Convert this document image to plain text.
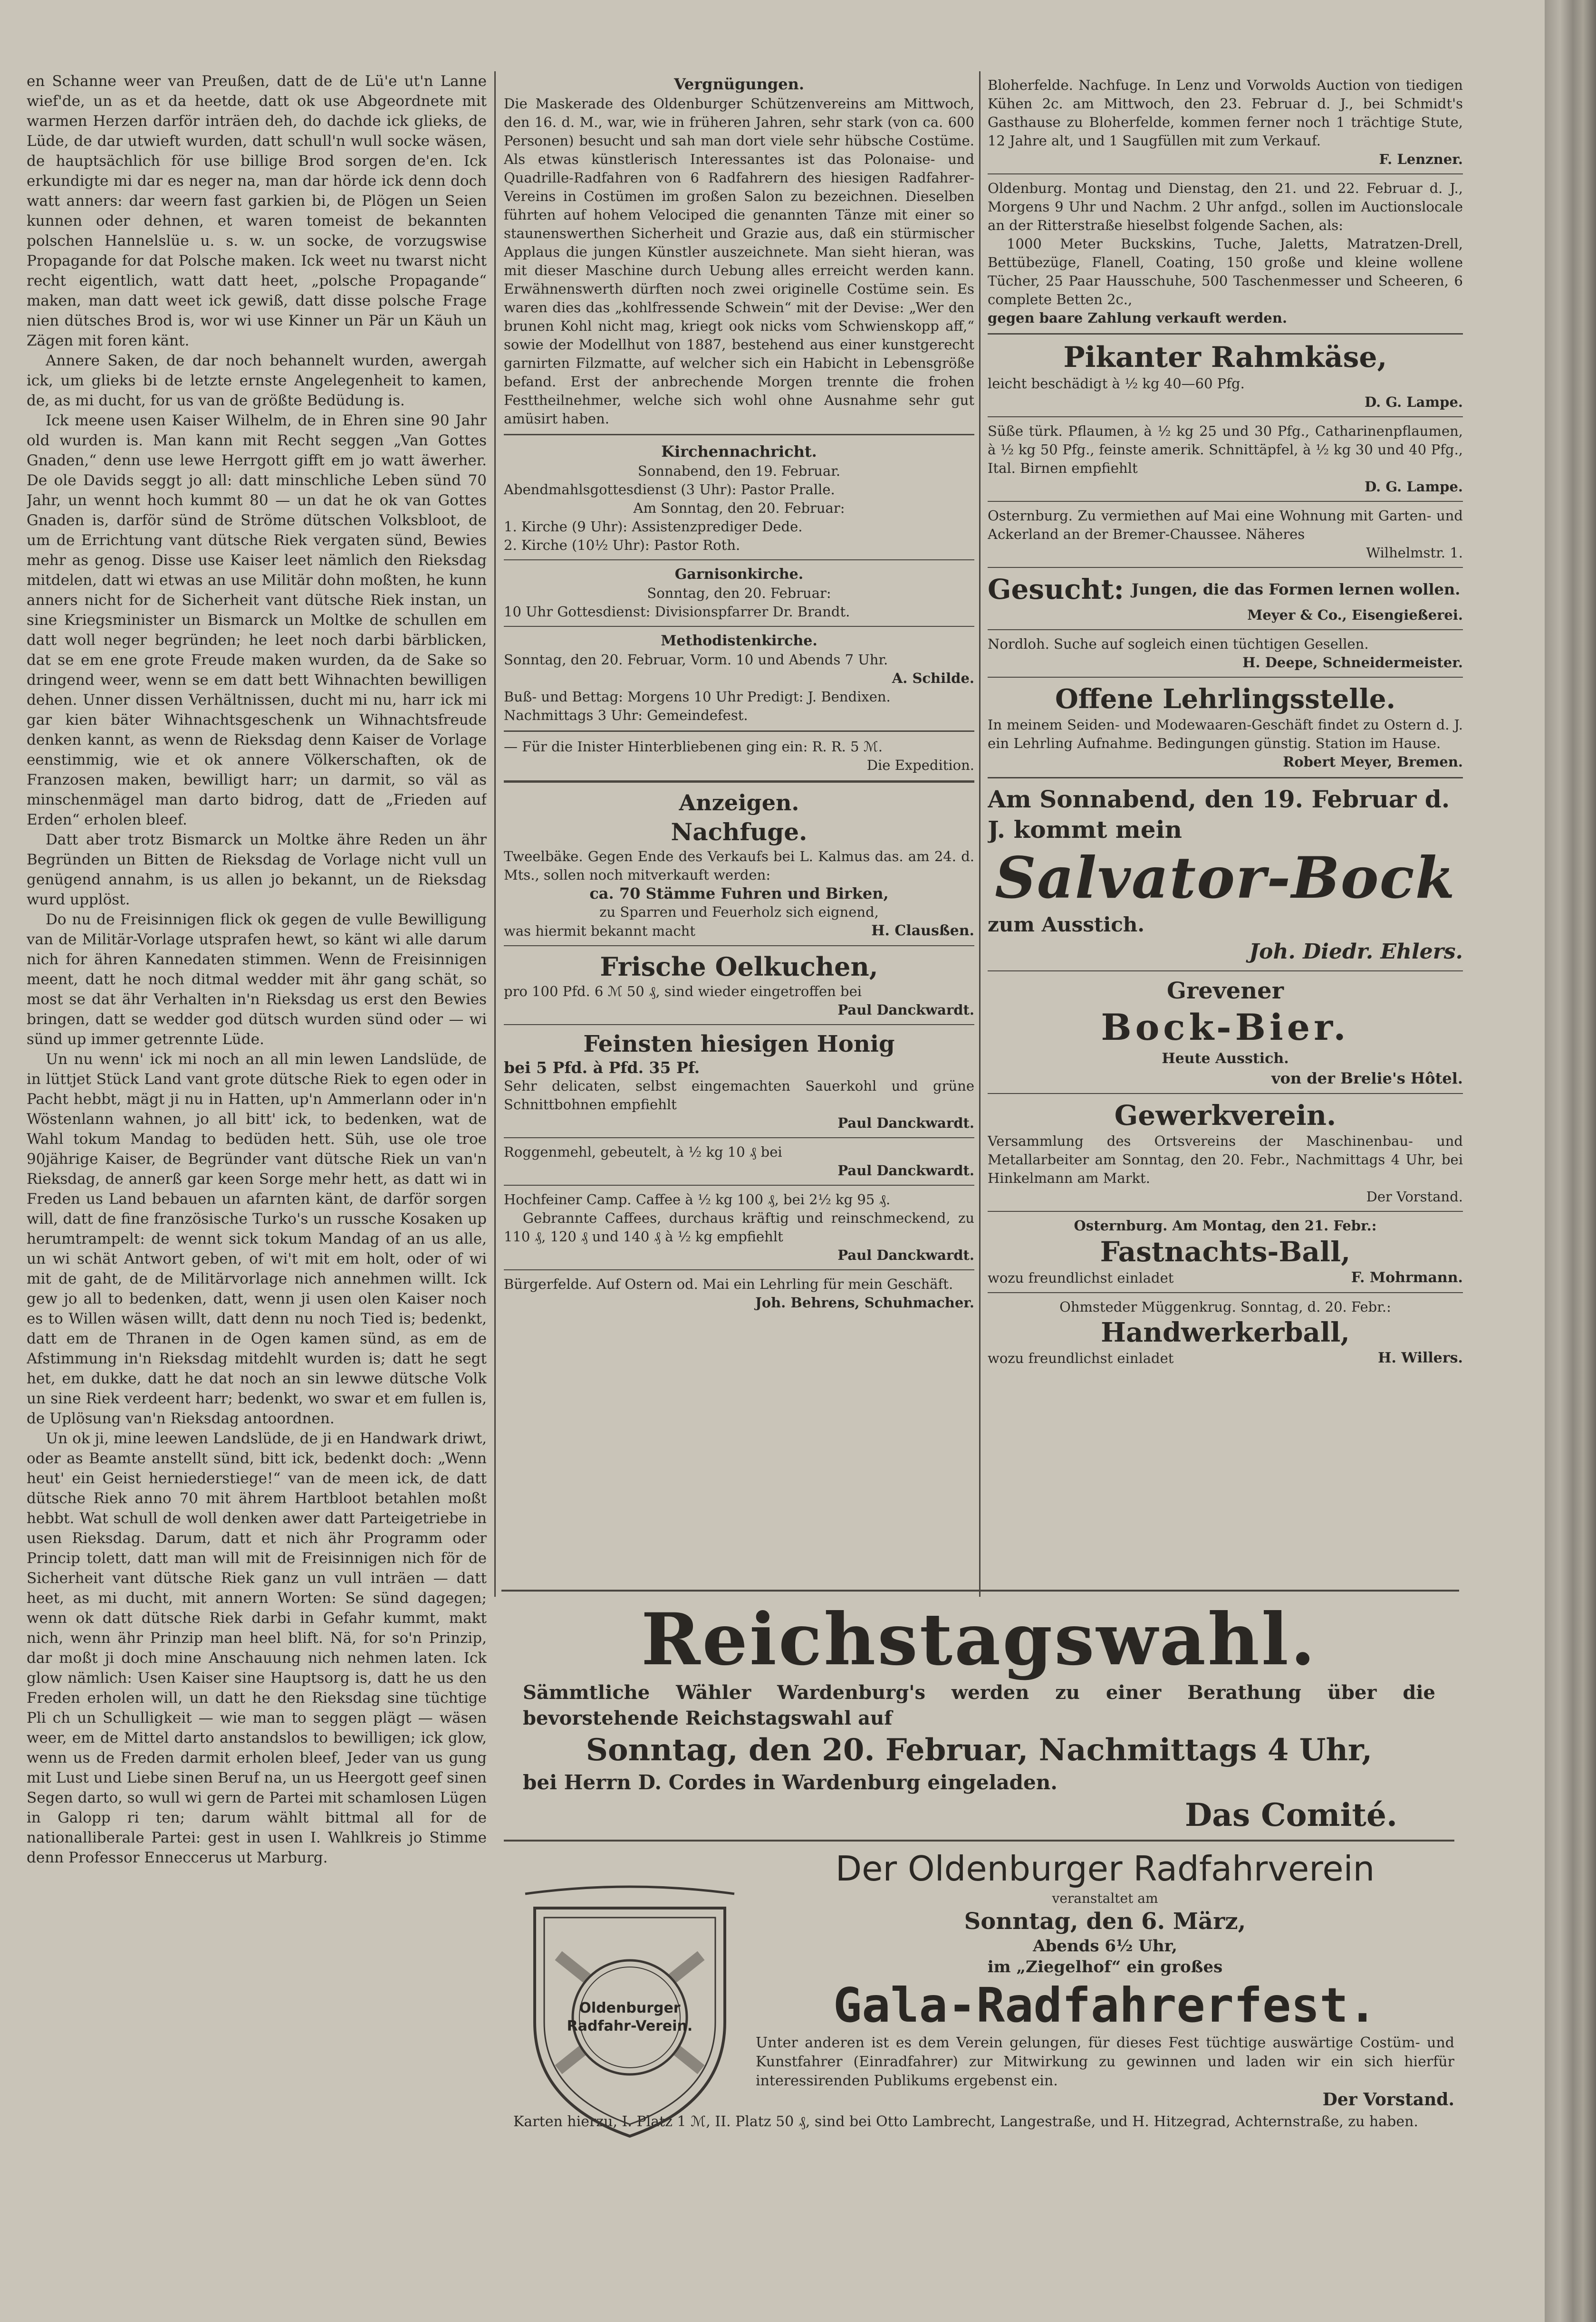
en Schanne weer van Preußen, datt de de Lü'e ut'n Lanne wief'de, un as et da heetde, datt ok use Abgeordnete mit warmen Herzen darför inträen deh, do dachde ick glieks, de Lüde, de dar utwieft wurden, datt schull'n wull socke wäsen, de hauptsächlich för use billige Brod sorgen de'en. Ick erkundigte mi dar es neger na, man dar hörde ick denn doch watt anners: dar weern fast garkien bi, de Plögen un Seien kunnen oder dehnen, et waren tomeist de bekannten polschen Hannelslüe u. s. w. un socke, de vorzugswise Propagande for dat Polsche maken. Ick weet nu twarst nicht recht eigentlich, watt datt heet, „polsche Propagande“ maken, man datt weet ick gewiß, datt disse polsche Frage nien dütsches Brod is, wor wi use Kinner un Pär un Käuh un Zägen mit foren känt.

Annere Saken, de dar noch behannelt wurden, awergah ick, um glieks bi de letzte ernste Angelegenheit to kamen, de, as mi ducht, for us van de größte Bedüdung is.

Ick meene usen Kaiser Wilhelm, de in Ehren sine 90 Jahr old wurden is. Man kann mit Recht seggen „Van Gottes Gnaden,“ denn use lewe Herrgott gifft em jo watt äwerher. De ole Davids seggt jo all: datt minschliche Leben sünd 70 Jahr, un wennt hoch kummt 80 — un dat he ok van Gottes Gnaden is, darför sünd de Ströme dütschen Volksbloot, de um de Errichtung vant dütsche Riek vergaten sünd, Bewies mehr as genog. Disse use Kaiser leet nämlich den Rieksdag mitdelen, datt wi etwas an use Militär dohn moßten, he kunn anners nicht for de Sicherheit vant dütsche Riek instan, un sine Kriegsminister un Bismarck un Moltke de schullen em datt woll neger begründen; he leet noch darbi bärblicken, dat se em ene grote Freude maken wurden, da de Sake so dringend weer, wenn se em datt bett Wihnachten bewilligen dehen. Unner dissen Verhältnissen, ducht mi nu, harr ick mi gar kien bäter Wihnachtsgeschenk un Wihnachtsfreude denken kannt, as wenn de Rieksdag denn Kaiser de Vorlage eenstimmig, wie et ok annere Völkerschaften, ok de Franzosen maken, bewilligt harr; un darmit, so väl as minschenmägel man darto bidrog, datt de „Frieden auf Erden“ erholen bleef.

Datt aber trotz Bismarck un Moltke ähre Reden un ähr Begründen un Bitten de Rieksdag de Vorlage nicht vull un genügend annahm, is us allen jo bekannt, un de Rieksdag wurd upplöst.

Do nu de Freisinnigen flick ok gegen de vulle Bewilligung van de Militär-Vorlage utsprafen hewt, so känt wi alle darum nich for ähren Kannedaten stimmen. Wenn de Freisinnigen meent, datt he noch ditmal wedder mit ähr gang schät, so most se dat ähr Verhalten in'n Rieksdag us erst den Bewies bringen, datt se wedder god dütsch wurden sünd oder — wi sünd up immer getrennte Lüde.

Un nu wenn' ick mi noch an all min lewen Landslüde, de in lüttjet Stück Land vant grote dütsche Riek to egen oder in Pacht hebbt, mägt ji nu in Hatten, up'n Ammerlann oder in'n Wöstenlann wahnen, jo all bitt' ick, to bedenken, wat de Wahl tokum Mandag to bedüden hett. Süh, use ole troe 90jährige Kaiser, de Begründer vant dütsche Riek un van'n Rieksdag, de annerß gar keen Sorge mehr hett, as datt wi in Freden us Land bebauen un afarnten känt, de darför sorgen will, datt de fine französische Turko's un russche Kosaken up herumtrampelt: de wennt sick tokum Mandag of an us alle, un wi schät Antwort geben, of wi't mit em holt, oder of wi mit de gaht, de de Militärvorlage nich annehmen willt. Ick gew jo all to bedenken, datt, wenn ji usen olen Kaiser noch es to Willen wäsen willt, datt denn nu noch Tied is; bedenkt, datt em de Thranen in de Ogen kamen sünd, as em de Afstimmung in'n Rieksdag mitdehlt wurden is; datt he segt het, em dukke, datt he dat noch an sin lewwe dütsche Volk un sine Riek verdeent harr; bedenkt, wo swar et em fullen is, de Uplösung van'n Rieksdag antoordnen.

Un ok ji, mine leewen Landslüde, de ji en Handwark driwt, oder as Beamte anstellt sünd, bitt ick, bedenkt doch: „Wenn heut' ein Geist herniederstiege!“ van de meen ick, de datt dütsche Riek anno 70 mit ährem Hartbloot betahlen moßt hebbt. Wat schull de woll denken awer datt Parteigetriebe in usen Rieksdag. Darum, datt et nich ähr Programm oder Princip tolett, datt man will mit de Freisinnigen nich för de Sicherheit vant dütsche Riek ganz un vull inträen — datt heet, as mi ducht, mit annern Worten: Se sünd dagegen; wenn ok datt dütsche Riek darbi in Gefahr kummt, makt nich, wenn ähr Prinzip man heel blift. Nä, for so'n Prinzip, dar moßt ji doch mine Anschauung nich nehmen laten. Ick glow nämlich: Usen Kaiser sine Hauptsorg is, datt he us den Freden erholen will, un datt he den Rieksdag sine tüchtige Pli ch un Schulligkeit — wie man to seggen plägt — wäsen weer, em de Mittel darto anstandslos to bewilligen; ick glow, wenn us de Freden darmit erholen bleef, Jeder van us gung mit Lust und Liebe sinen Beruf na, un us Heergott geef sinen Segen darto, so wull wi gern de Partei mit schamlosen Lügen in Galopp ri ten; darum wählt bittmal all for de nationalliberale Partei: gest in usen I. Wahlkreis jo Stimme denn Professor Enneccerus ut Marburg.

Vergnügungen.

Die Maskerade des Oldenburger Schützenvereins am Mittwoch, den 16. d. M., war, wie in früheren Jahren, sehr stark (von ca. 600 Personen) besucht und sah man dort viele sehr hübsche Costüme. Als etwas künstlerisch Interessantes ist das Polonaise- und Quadrille-Radfahren von 6 Radfahrern des hiesigen Radfahrer-Vereins in Costümen im großen Salon zu bezeichnen. Dieselben führten auf hohem Velociped die genannten Tänze mit einer so staunenswerthen Sicherheit und Grazie aus, daß ein stürmischer Applaus die jungen Künstler auszeichnete. Man sieht hieran, was mit dieser Maschine durch Uebung alles erreicht werden kann. Erwähnenswerth dürften noch zwei originelle Costüme sein. Es waren dies das „kohlfressende Schwein“ mit der Devise: „Wer den brunen Kohl nicht mag, kriegt ook nicks vom Schwienskopp aff,“ sowie der Modellhut von 1887, bestehend aus einer kunstgerecht garnirten Filzmatte, auf welcher sich ein Habicht in Lebensgröße befand. Erst der anbrechende Morgen trennte die frohen Festtheilnehmer, welche sich wohl ohne Ausnahme sehr gut amüsirt haben.

Kirchennachricht.

Sonnabend, den 19. Februar.

Abendmahlsgottesdienst (3 Uhr): Pastor Pralle.

Am Sonntag, den 20. Februar:

1. Kirche (9 Uhr): Assistenzprediger Dede.

2. Kirche (10½ Uhr): Pastor Roth.

Garnisonkirche.

Sonntag, den 20. Februar:

10 Uhr Gottesdienst: Divisionspfarrer Dr. Brandt.

Methodistenkirche.

Sonntag, den 20. Februar, Vorm. 10 und Abends 7 Uhr.

A. Schilde.

Buß- und Bettag: Morgens 10 Uhr Predigt: J. Bendixen.

Nachmittags 3 Uhr: Gemeindefest.

— Für die Inister Hinterbliebenen ging ein: R. R. 5 ℳ.

Die Expedition.

Anzeigen.

Nachfuge.

Tweelbäke. Gegen Ende des Verkaufs bei L. Kalmus das. am 24. d. Mts., sollen noch mitverkauft werden:

ca. 70 Stämme Fuhren und Birken,

zu Sparren und Feuerholz sich eignend,

was hiermit bekannt macht	H. Clausßen.

Frische Oelkuchen,

pro 100 Pfd. 6 ℳ 50 ₰, sind wieder eingetroffen bei

Paul Danckwardt.

Feinsten hiesigen Honig

bei 5 Pfd. à Pfd. 35 Pf.

Sehr delicaten, selbst eingemachten Sauerkohl und grüne Schnittbohnen empfiehlt

Paul Danckwardt.

Roggenmehl, gebeutelt, à ½ kg 10 ₰ bei

Paul Danckwardt.

Hochfeiner Camp. Caffee à ½ kg 100 ₰, bei 2½ kg 95 ₰.

Gebrannte Caffees, durchaus kräftig und reinschmeckend, zu 110 ₰, 120 ₰ und 140 ₰ à ½ kg empfiehlt

Paul Danckwardt.

Bürgerfelde. Auf Ostern od. Mai ein Lehrling für mein Geschäft.

Joh. Behrens, Schuhmacher.

Bloherfelde. Nachfuge. In Lenz und Vorwolds Auction von tiedigen Kühen 2c. am Mittwoch, den 23. Februar d. J., bei Schmidt's Gasthause zu Bloherfelde, kommen ferner noch 1 trächtige Stute, 12 Jahre alt, und 1 Saugfüllen mit zum Verkauf.

F. Lenzner.

Oldenburg. Montag und Dienstag, den 21. und 22. Februar d. J., Morgens 9 Uhr und Nachm. 2 Uhr anfgd., sollen im Auctionslocale an der Ritterstraße hieselbst folgende Sachen, als:

1000 Meter Buckskins, Tuche, Jaletts, Matratzen-Drell, Bettübezüge, Flanell, Coating, 150 große und kleine wollene Tücher, 25 Paar Hausschuhe, 500 Taschenmesser und Scheeren, 6 complete Betten 2c.,

gegen baare Zahlung verkauft werden.

Pikanter Rahmkäse,

leicht beschädigt à ½ kg 40—60 Pfg.

D. G. Lampe.

Süße türk. Pflaumen, à ½ kg 25 und 30 Pfg., Catharinenpflaumen, à ½ kg 50 Pfg., feinste amerik. Schnittäpfel, à ½ kg 30 und 40 Pfg., Ital. Birnen empfiehlt

D. G. Lampe.

Osternburg. Zu vermiethen auf Mai eine Wohnung mit Garten- und Ackerland an der Bremer-Chaussee. Näheres

Wilhelmstr. 1.

Gesucht: Jungen, die das Formen lernen wollen.

Meyer & Co., Eisengießerei.

Nordloh. Suche auf sogleich einen tüchtigen Gesellen.

H. Deepe, Schneidermeister.

Offene Lehrlingsstelle.

In meinem Seiden- und Modewaaren-Geschäft findet zu Ostern d. J. ein Lehrling Aufnahme. Bedingungen günstig. Station im Hause.

Robert Meyer, Bremen.

Am Sonnabend, den 19. Februar d. J. kommt mein

Salvator-Bock

zum Ausstich.

Joh. Diedr. Ehlers.

Grevener

Bock-Bier.

Heute Ausstich.

von der Brelie's Hôtel.

Gewerkverein.

Versammlung des Ortsvereins der Maschinenbau- und Metallarbeiter am Sonntag, den 20. Febr., Nachmittags 4 Uhr, bei Hinkelmann am Markt.

Der Vorstand.

Osternburg. Am Montag, den 21. Febr.:

Fastnachts-Ball,

wozu freundlichst einladet	F. Mohrmann.

Ohmsteder Müggenkrug. Sonntag, d. 20. Febr.:

Handwerkerball,

wozu freundlichst einladet	H. Willers.

Reichstagswahl.

Sämmtliche Wähler Wardenburg's werden zu einer Berathung über die bevorstehende Reichstagswahl auf

Sonntag, den 20. Februar, Nachmittags 4 Uhr,

bei Herrn D. Cordes in Wardenburg eingeladen.

Das Comité.

Der Oldenburger Radfahrverein

veranstaltet am

Sonntag, den 6. März,

Abends 6½ Uhr,

im „Ziegelhof“ ein großes

Gala-Radfahrerfest.

Unter anderen ist es dem Verein gelungen, für dieses Fest tüchtige auswärtige Costüm- und Kunstfahrer (Einradfahrer) zur Mitwirkung zu gewinnen und laden wir ein sich hierfür interessirenden Publikums ergebenst ein.

Der Vorstand.

Karten hierzu, I. Platz 1 ℳ, II. Platz 50 ₰, sind bei Otto Lambrecht, Langestraße, und H. Hitzegrad, Achternstraße, zu haben.

Oldenburger
Radfahr-Verein.
